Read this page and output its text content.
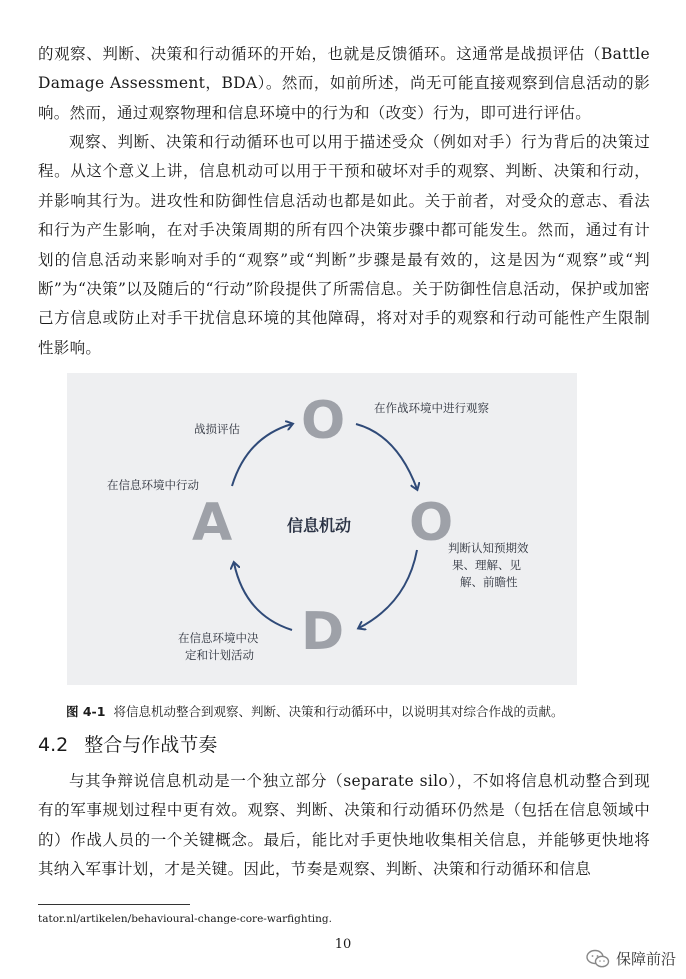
的观察、判断、决策和行动循环的开始，也就是反馈循环。这通常是战损评估（Battle Damage Assessment，BDA）。然而，如前所述，尚无可能直接观察到信息活动的影响。然而，通过观察物理和信息环境中的行为和（改变）行为，即可进行评估。

观察、判断、决策和行动循环也可以用于描述受众（例如对手）行为背后的决策过程。从这个意义上讲，信息机动可以用于干预和破坏对手的观察、判断、决策和行动，并影响其行为。进攻性和防御性信息活动也都是如此。关于前者，对受众的意志、看法和行为产生影响，在对手决策周期的所有四个决策步骤中都可能发生。然而，通过有计划的信息活动来影响对手的“观察”或“判断”步骤是最有效的，这是因为“观察”或“判断”为“决策”以及随后的“行动”阶段提供了所需信息。关于防御性信息活动，保护或加密己方信息或防止对手干扰信息环境的其他障碍，将对对手的观察和行动可能性产生限制性影响。

O
O
D
A	信息机动
在作战环境中进行观察
判断认知预期效
果、理解、见
解、前瞻性
在信息环境中决
定和计划活动
在信息环境中行动
战损评估
图 4-1 将信息机动整合到观察、判断、决策和行动循环中，以说明其对综合作战的贡献。
4.2 整合与作战节奏

与其争辩说信息机动是一个独立部分（separate silo），不如将信息机动整合到现有的军事规划过程中更有效。观察、判断、决策和行动循环仍然是（包括在信息领域中的）作战人员的一个关键概念。最后，能比对手更快地收集相关信息，并能够更快地将其纳入军事计划，才是关键。因此，节奏是观察、判断、决策和行动循环和信息

tator.nl/artikelen/behavioural-change-core-warfighting.
10
保障前沿
